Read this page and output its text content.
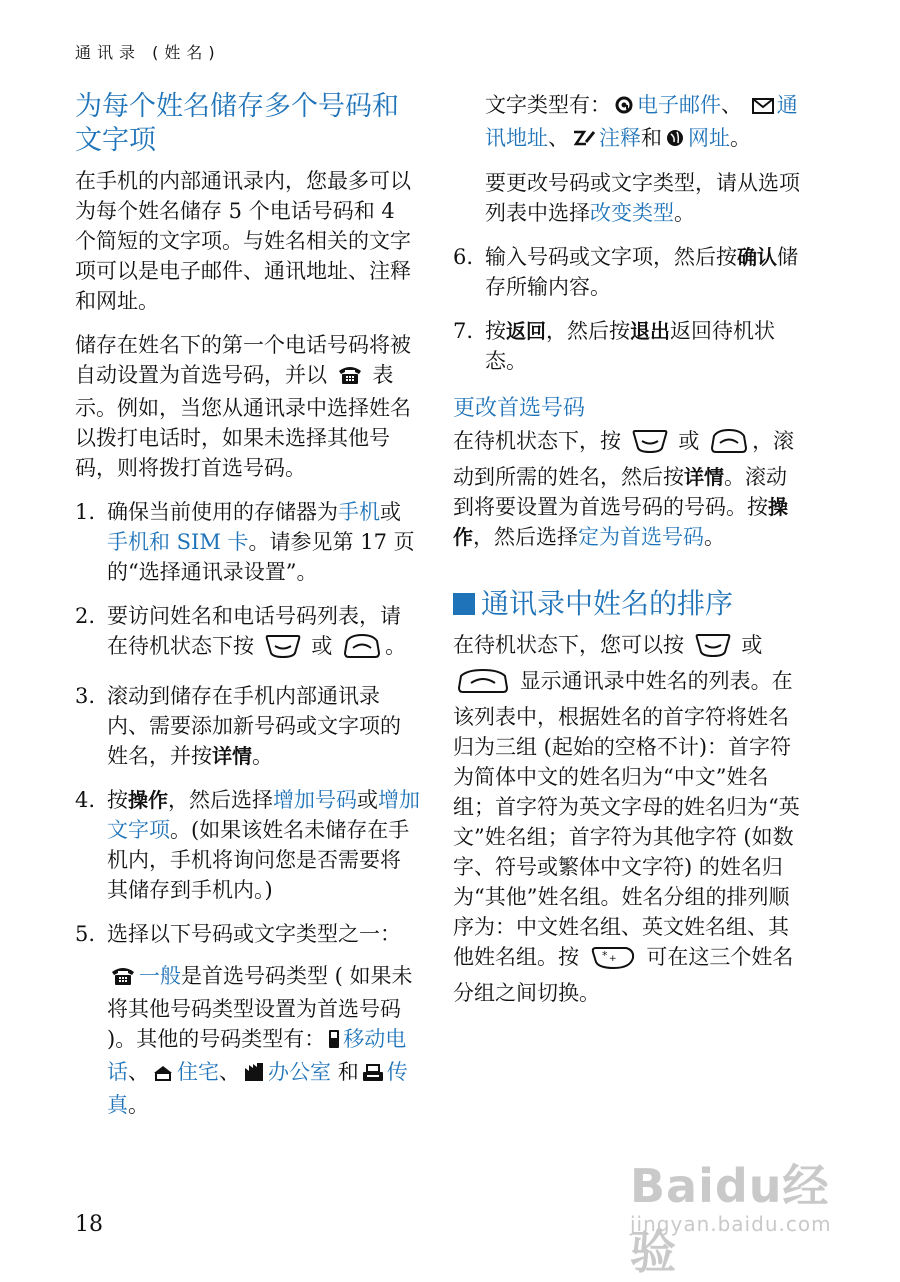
通讯录 (姓名)
为每个姓名储存多个号码和文字项

在手机的内部通讯录内，您最多可以为每个姓名储存 5 个电话号码和 4 个简短的文字项。与姓名相关的文字项可以是电子邮件、通讯地址、注释和网址。

储存在姓名下的第一个电话号码将被自动设置为首选号码，并以 表示。例如，当您从通讯录中选择姓名以拨打电话时，如果未选择其他号码，则将拨打首选号码。

1. 确保当前使用的存储器为手机或手机和 SIM 卡。请参见第 17 页的“选择通讯录设置”。
2. 要访问姓名和电话号码列表，请在待机状态下按	或	。
3. 滚动到储存在手机内部通讯录内、需要添加新号码或文字项的姓名，并按详情。
4. 按操作，然后选择增加号码或增加文字项。(如果该姓名未储存在手机内，手机将询问您是否需要将其储存到手机内。)
5. 选择以下号码或文字类型之一：

一般是首选号码类型 ( 如果未将其他号码类型设置为首选号码 )。其他的号码类型有： 移动电话、 住宅、 办公室 和 传真。

文字类型有： 电子邮件、 通讯地址、 注释和 网址。

要更改号码或文字类型，请从选项列表中选择改变类型。

6. 输入号码或文字项，然后按确认储存所输内容。
7. 按返回，然后按退出返回待机状态。
更改首选号码

在待机状态下，按	或	，滚动到所需的姓名，然后按详情。滚动到将要设置为首选号码的号码。按操作，然后选择定为首选号码。

通讯录中姓名的排序

在待机状态下，您可以按	或  显示通讯录中姓名的列表。在该列表中，根据姓名的首字符将姓名归为三组 (起始的空格不计)：首字符为简体中文的姓名归为“中文”姓名组；首字符为英文字母的姓名归为“英文”姓名组；首字符为其他字符 (如数字、符号或繁体中文字符) 的姓名归为“其他”姓名组。姓名分组的排列顺序为：中文姓名组、英文姓名组、其他姓名组。按 * + 可在这三个姓名分组之间切换。

18
Baidu经验
jingyan.baidu.com
